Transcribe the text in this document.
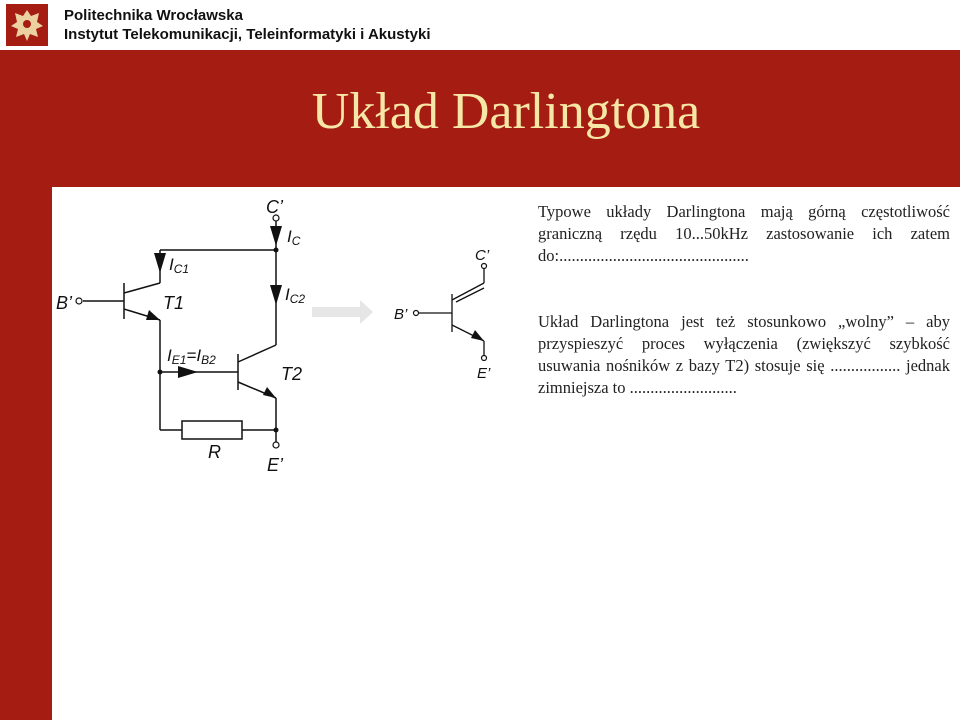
Politechnika Wrocławska
Instytut Telekomunikacji, Teleinformatyki i Akustyki
Układ Darlingtona
C’
IC
IC1
IC2
B’	T1
IE1=IB2
T2
R
E’
C’
B’
E’
Typowe układy Darlingtona mają górną częstotliwość graniczną rzędu 10...50kHz zastosowanie ich zatem do:..............................................
Układ Darlingtona jest też stosunkowo „wolny” – aby przyspieszyć proces wyłączenia (zwiększyć szybkość usuwania nośników z bazy T2) stosuje się ................. jednak zimniejsza to ..........................
